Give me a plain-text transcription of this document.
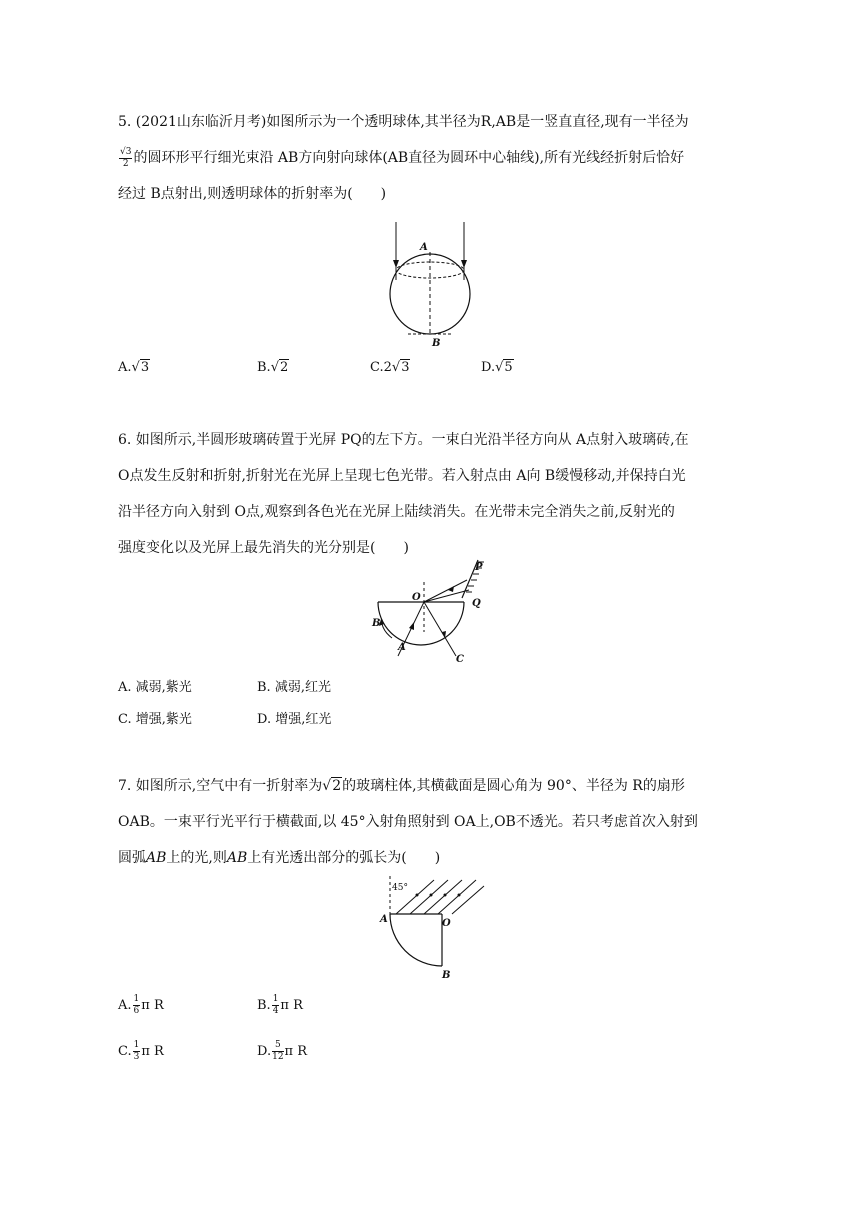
5. (2021山东临沂月考)如图所示为一个透明球体,其半径为R,AB是一竖直直径,现有一半径为
$\frac{√3}{2}$ 的圆环形平行细光束沿 AB方向射向球体(AB直径为圆环中心轴线),所有光线经折射后恰好
经过 B点射出,则透明球体的折射率为(　　)
A
B
A.√3	B.√2	C.2√3	D.√5
6. 如图所示,半圆形玻璃砖置于光屏 PQ的左下方。一束白光沿半径方向从 A点射入玻璃砖,在
O点发生反射和折射,折射光在光屏上呈现七色光带。若入射点由 A向 B缓慢移动,并保持白光
沿半径方向入射到 O点,观察到各色光在光屏上陆续消失。在光带未完全消失之前,反射光的
强度变化以及光屏上最先消失的光分别是(　　)
P
Q
O
B
A
C
A. 减弱,紫光	B. 减弱,红光
C. 增强,紫光	D. 增强,红光
7. 如图所示,空气中有一折射率为√2的玻璃柱体,其横截面是圆心角为 90°、半径为 R的扇形
OAB。一束平行光平行于横截面,以 45°入射角照射到 OA上,OB不透光。若只考虑首次入射到
圆弧AB上的光,则AB上有光透出部分的弧长为(　　)
45°
A	O
B
A. $\frac{1}{6}$ π R	B. $\frac{1}{4}$ π R
C. $\frac{1}{3}$ π R	D. $\frac{5}{12}$ π R
